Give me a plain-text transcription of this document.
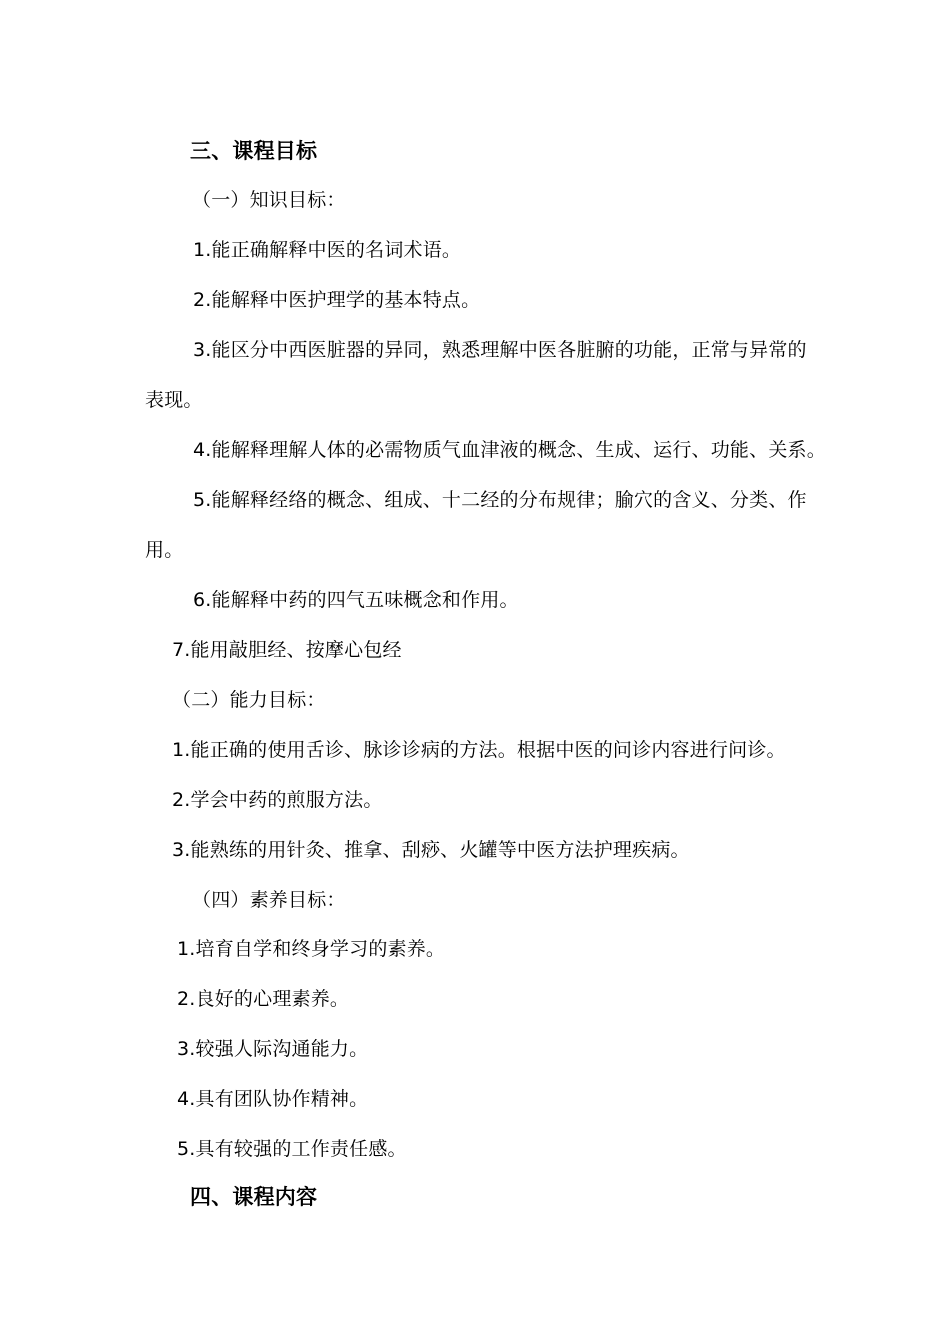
三、课程目标
（一）知识目标：
1.能正确解释中医的名词术语。
2.能解释中医护理学的基本特点。
3.能区分中西医脏器的异同，熟悉理解中医各脏腑的功能，正常与异常的
表现。
4.能解释理解人体的必需物质气血津液的概念、生成、运行、功能、关系。
5.能解释经络的概念、组成、十二经的分布规律；腧穴的含义、分类、作
用。
6.能解释中药的四气五味概念和作用。
7.能用敲胆经、按摩心包经
（二）能力目标：
1.能正确的使用舌诊、脉诊诊病的方法。根据中医的问诊内容进行问诊。
2.学会中药的煎服方法。
3.能熟练的用针灸、推拿、刮痧、火罐等中医方法护理疾病。
（四）素养目标：
1.培育自学和终身学习的素养。
2.良好的心理素养。
3.较强人际沟通能力。
4.具有团队协作精神。
5.具有较强的工作责任感。
四、课程内容
